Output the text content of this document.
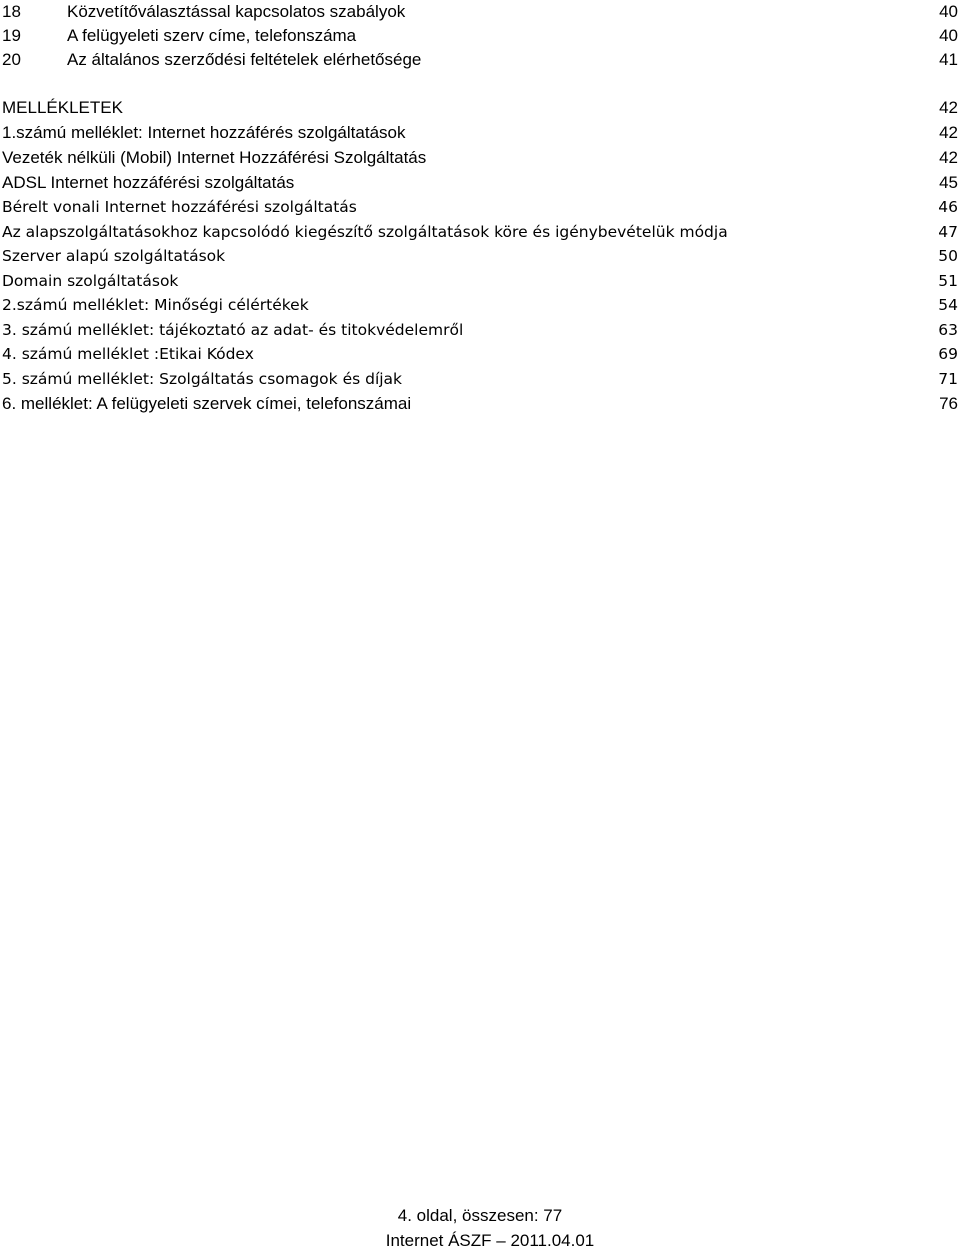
18	Közvetítőválasztással kapcsolatos szabályok	40
19	A felügyeleti szerv címe, telefonszáma	40
20	Az általános szerződési feltételek elérhetősége	41
MELLÉKLETEK	42
1.számú melléklet: Internet hozzáférés szolgáltatások	42
Vezeték nélküli (Mobil) Internet Hozzáférési Szolgáltatás	42
ADSL Internet hozzáférési szolgáltatás	45
Bérelt vonali Internet hozzáférési szolgáltatás	46
Az alapszolgáltatásokhoz kapcsolódó kiegészítő szolgáltatások köre és igénybevételük módja	47
Szerver alapú szolgáltatások	50
Domain szolgáltatások	51
2.számú melléklet: Minőségi célértékek	54
3. számú melléklet: tájékoztató az adat- és titokvédelemről	63
4. számú melléklet :Etikai Kódex	69
5. számú melléklet: Szolgáltatás csomagok és díjak	71
6. melléklet: A felügyeleti szervek címei, telefonszámai	76
4. oldal, összesen: 77
Internet ÁSZF – 2011.04.01
